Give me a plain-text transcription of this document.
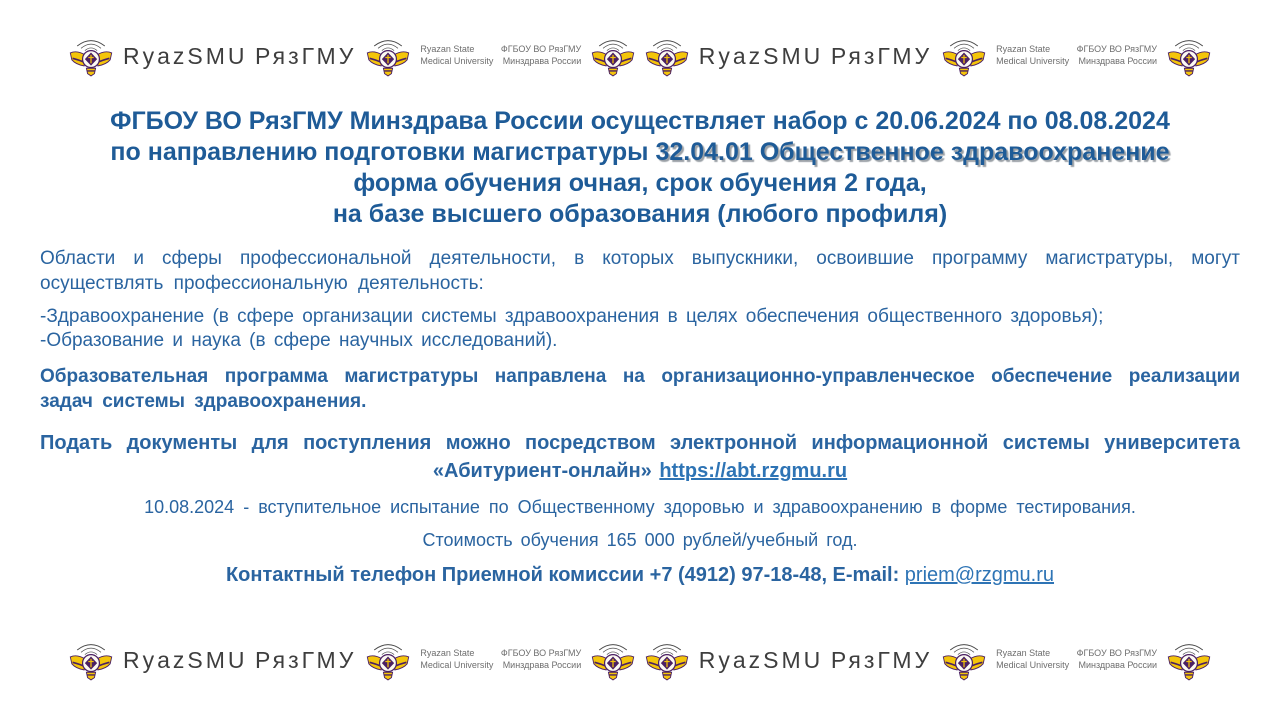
RyazSMU РязГМУ	Ryazan State
Medical University
ФГБОУ ВО РязГМУ
Минздрава России	RyazSMU РязГМУ	Ryazan State
Medical University
ФГБОУ ВО РязГМУ
Минздрава России
ФГБОУ ВО РязГМУ Минздрава России осуществляет набор с 20.06.2024 по 08.08.2024
по направлению подготовки магистратуры 32.04.01 Общественное здравоохранение
форма обучения очная, срок обучения 2 года,
на базе высшего образования (любого профиля)
Области и сферы профессиональной деятельности, в которых выпускники, освоившие программу магистратуры, могут осуществлять профессиональную деятельность:
-Здравоохранение (в сфере организации системы здравоохранения в целях обеспечения общественного здоровья);
-Образование и наука (в сфере научных исследований).
Образовательная программа магистратуры направлена на организационно-управленческое обеспечение реализации задач системы здравоохранения.
Подать документы для поступления можно посредством электронной информационной системы университета «Абитуриент-онлайн» https://abt.rzgmu.ru
10.08.2024 - вступительное испытание по Общественному здоровью и здравоохранению в форме тестирования.
Стоимость обучения 165 000 рублей/учебный год.
Контактный телефон Приемной комиссии +7 (4912) 97-18-48, E-mail: priem@rzgmu.ru
RyazSMU РязГМУ	Ryazan State
Medical University
ФГБОУ ВО РязГМУ
Минздрава России	RyazSMU РязГМУ	Ryazan State
Medical University
ФГБОУ ВО РязГМУ
Минздрава России
